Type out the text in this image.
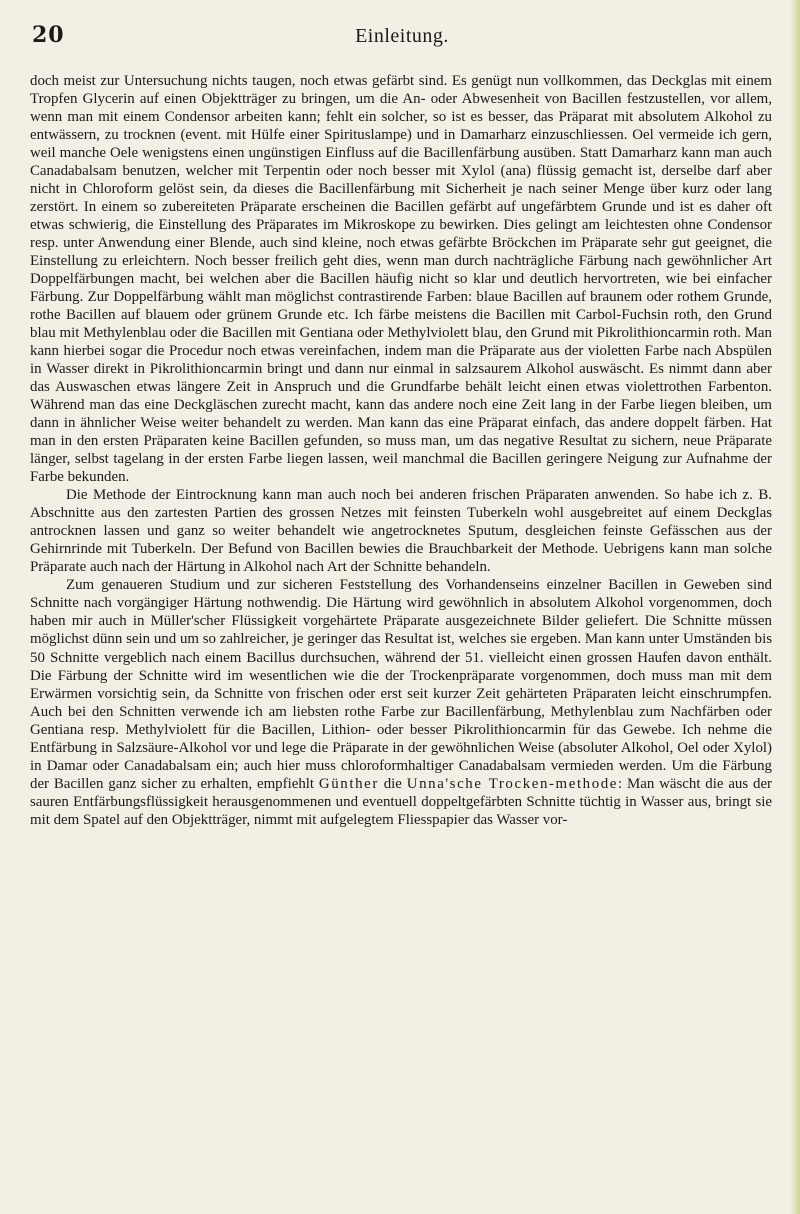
20	Einleitung.

doch meist zur Untersuchung nichts taugen, noch etwas gefärbt sind. Es genügt nun vollkommen, das Deckglas mit einem Tropfen Glycerin auf einen Objektträger zu bringen, um die An- oder Abwesenheit von Bacillen festzustellen, vor allem, wenn man mit einem Condensor arbeiten kann; fehlt ein solcher, so ist es besser, das Präparat mit absolutem Alkohol zu entwässern, zu trocknen (event. mit Hülfe einer Spirituslampe) und in Damarharz einzuschliessen. Oel vermeide ich gern, weil manche Oele wenigstens einen ungünstigen Einfluss auf die Bacillenfärbung ausüben. Statt Damarharz kann man auch Canadabalsam benutzen, welcher mit Terpentin oder noch besser mit Xylol (ana) flüssig gemacht ist, derselbe darf aber nicht in Chloroform gelöst sein, da dieses die Bacillenfärbung mit Sicherheit je nach seiner Menge über kurz oder lang zerstört. In einem so zubereiteten Präparate erscheinen die Bacillen gefärbt auf ungefärbtem Grunde und ist es daher oft etwas schwierig, die Einstellung des Präparates im Mikroskope zu bewirken. Dies gelingt am leichtesten ohne Condensor resp. unter Anwendung einer Blende, auch sind kleine, noch etwas gefärbte Bröckchen im Präparate sehr gut geeignet, die Einstellung zu erleichtern. Noch besser freilich geht dies, wenn man durch nachträgliche Färbung nach gewöhnlicher Art Doppelfärbungen macht, bei welchen aber die Bacillen häufig nicht so klar und deutlich hervortreten, wie bei einfacher Färbung. Zur Doppelfärbung wählt man möglichst contrastirende Farben: blaue Bacillen auf braunem oder rothem Grunde, rothe Bacillen auf blauem oder grünem Grunde etc. Ich färbe meistens die Bacillen mit Carbol-Fuchsin roth, den Grund blau mit Methylenblau oder die Bacillen mit Gentiana oder Methylviolett blau, den Grund mit Pikrolithioncarmin roth. Man kann hierbei sogar die Procedur noch etwas vereinfachen, indem man die Präparate aus der violetten Farbe nach Abspülen in Wasser direkt in Pikrolithioncarmin bringt und dann nur einmal in salzsaurem Alkohol auswäscht. Es nimmt dann aber das Auswaschen etwas längere Zeit in Anspruch und die Grundfarbe behält leicht einen etwas violettrothen Farbenton. Während man das eine Deckgläschen zurecht macht, kann das andere noch eine Zeit lang in der Farbe liegen bleiben, um dann in ähnlicher Weise weiter behandelt zu werden. Man kann das eine Präparat einfach, das andere doppelt färben. Hat man in den ersten Präparaten keine Bacillen gefunden, so muss man, um das negative Resultat zu sichern, neue Präparate länger, selbst tagelang in der ersten Farbe liegen lassen, weil manchmal die Bacillen geringere Neigung zur Aufnahme der Farbe bekunden.

Die Methode der Eintrocknung kann man auch noch bei anderen frischen Präparaten anwenden. So habe ich z. B. Abschnitte aus den zartesten Partien des grossen Netzes mit feinsten Tuberkeln wohl ausgebreitet auf einem Deckglas antrocknen lassen und ganz so weiter behandelt wie angetrocknetes Sputum, desgleichen feinste Gefässchen aus der Gehirnrinde mit Tuberkeln. Der Befund von Bacillen bewies die Brauchbarkeit der Methode. Uebrigens kann man solche Präparate auch nach der Härtung in Alkohol nach Art der Schnitte behandeln.

Zum genaueren Studium und zur sicheren Feststellung des Vorhandenseins einzelner Bacillen in Geweben sind Schnitte nach vorgängiger Härtung nothwendig. Die Härtung wird gewöhnlich in absolutem Alkohol vorgenommen, doch haben mir auch in Müller'scher Flüssigkeit vorgehärtete Präparate ausgezeichnete Bilder geliefert. Die Schnitte müssen möglichst dünn sein und um so zahlreicher, je geringer das Resultat ist, welches sie ergeben. Man kann unter Umständen bis 50 Schnitte vergeblich nach einem Bacillus durchsuchen, während der 51. vielleicht einen grossen Haufen davon enthält. Die Färbung der Schnitte wird im wesentlichen wie die der Trockenpräparate vorgenommen, doch muss man mit dem Erwärmen vorsichtig sein, da Schnitte von frischen oder erst seit kurzer Zeit gehärteten Präparaten leicht einschrumpfen. Auch bei den Schnitten verwende ich am liebsten rothe Farbe zur Bacillenfärbung, Methylenblau zum Nachfärben oder Gentiana resp. Methylviolett für die Bacillen, Lithion- oder besser Pikrolithioncarmin für das Gewebe. Ich nehme die Entfärbung in Salzsäure-Alkohol vor und lege die Präparate in der gewöhnlichen Weise (absoluter Alkohol, Oel oder Xylol) in Damar oder Canadabalsam ein; auch hier muss chloroformhaltiger Canadabalsam vermieden werden. Um die Färbung der Bacillen ganz sicher zu erhalten, empfiehlt Günther die Unna'sche Trocken-methode: Man wäscht die aus der sauren Entfärbungsflüssigkeit herausgenommenen und eventuell doppeltgefärbten Schnitte tüchtig in Wasser aus, bringt sie mit dem Spatel auf den Objektträger, nimmt mit aufgelegtem Fliesspapier das Wasser vor-
